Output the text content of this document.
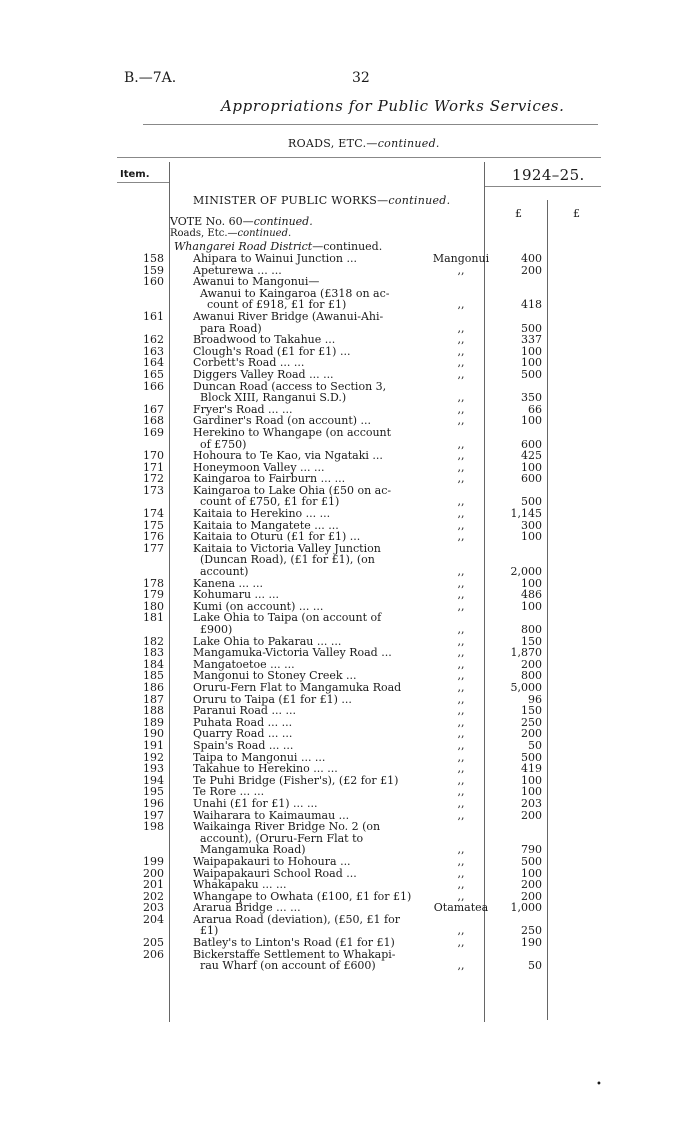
B.—7A.	32
Appropriations for Public Works Services.
ROADS, ETC.—continued.
Item.	1924–25.
MINISTER OF PUBLIC WORKS—continued.
£	£
VOTE No. 60—continued.
Roads, Etc.—continued.
Whangarei Road District—continued.
158	Ahipara to Wainui Junction ...	Mangonui	400
159	Apeturewa ... ...	,,	200
160	Awanui to Mangonui—
Awanui to Kaingaroa (£318 on ac-
count of £918, £1 for £1)	,,	418
161	Awanui River Bridge (Awanui-Ahi-
para Road)	,,	500
162	Broadwood to Takahue ...	,,	337
163	Clough's Road (£1 for £1) ...	,,	100
164	Corbett's Road ... ...	,,	100
165	Diggers Valley Road ... ...	,,	500
166	Duncan Road (access to Section 3,
Block XIII, Ranganui S.D.)	,,	350
167	Fryer's Road ... ...	,,	66
168	Gardiner's Road (on account) ...	,,	100
169	Herekino to Whangape (on account
of £750)	,,	600
170	Hohoura to Te Kao, via Ngataki ...	,,	425
171	Honeymoon Valley ... ...	,,	100
172	Kaingaroa to Fairburn ... ...	,,	600
173	Kaingaroa to Lake Ohia (£50 on ac-
count of £750, £1 for £1)	,,	500
174	Kaitaia to Herekino ... ...	,,	1,145
175	Kaitaia to Mangatete ... ...	,,	300
176	Kaitaia to Oturu (£1 for £1) ...	,,	100
177	Kaitaia to Victoria Valley Junction
(Duncan Road), (£1 for £1), (on
account)	,,	2,000
178	Kanena ... ...	,,	100
179	Kohumaru ... ...	,,	486
180	Kumi (on account) ... ...	,,	100
181	Lake Ohia to Taipa (on account of
£900)	,,	800
182	Lake Ohia to Pakarau ... ...	,,	150
183	Mangamuka-Victoria Valley Road ...	,,	1,870
184	Mangatoetoe ... ...	,,	200
185	Mangonui to Stoney Creek ...	,,	800
186	Oruru-Fern Flat to Mangamuka Road	,,	5,000
187	Oruru to Taipa (£1 for £1) ...	,,	96
188	Paranui Road ... ...	,,	150
189	Puhata Road ... ...	,,	250
190	Quarry Road ... ...	,,	200
191	Spain's Road ... ...	,,	50
192	Taipa to Mangonui ... ...	,,	500
193	Takahue to Herekino ... ...	,,	419
194	Te Puhi Bridge (Fisher's), (£2 for £1)	,,	100
195	Te Rore ... ...	,,	100
196	Unahi (£1 for £1) ... ...	,,	203
197	Waiharara to Kaimaumau ...	,,	200
198	Waikainga River Bridge No. 2 (on
account), (Oruru-Fern Flat to
Mangamuka Road)	,,	790
199	Waipapakauri to Hohoura ...	,,	500
200	Waipapakauri School Road ...	,,	100
201	Whakapaku ... ...	,,	200
202	Whangape to Owhata (£100, £1 for £1)	,,	200
203	Ararua Bridge ... ...	Otamatea	1,000
204	Ararua Road (deviation), (£50, £1 for
£1)	,,	250
205	Batley's to Linton's Road (£1 for £1)	,,	190
206	Bickerstaffe Settlement to Whakapi-
rau Wharf (on account of £600)	,,	50
•
